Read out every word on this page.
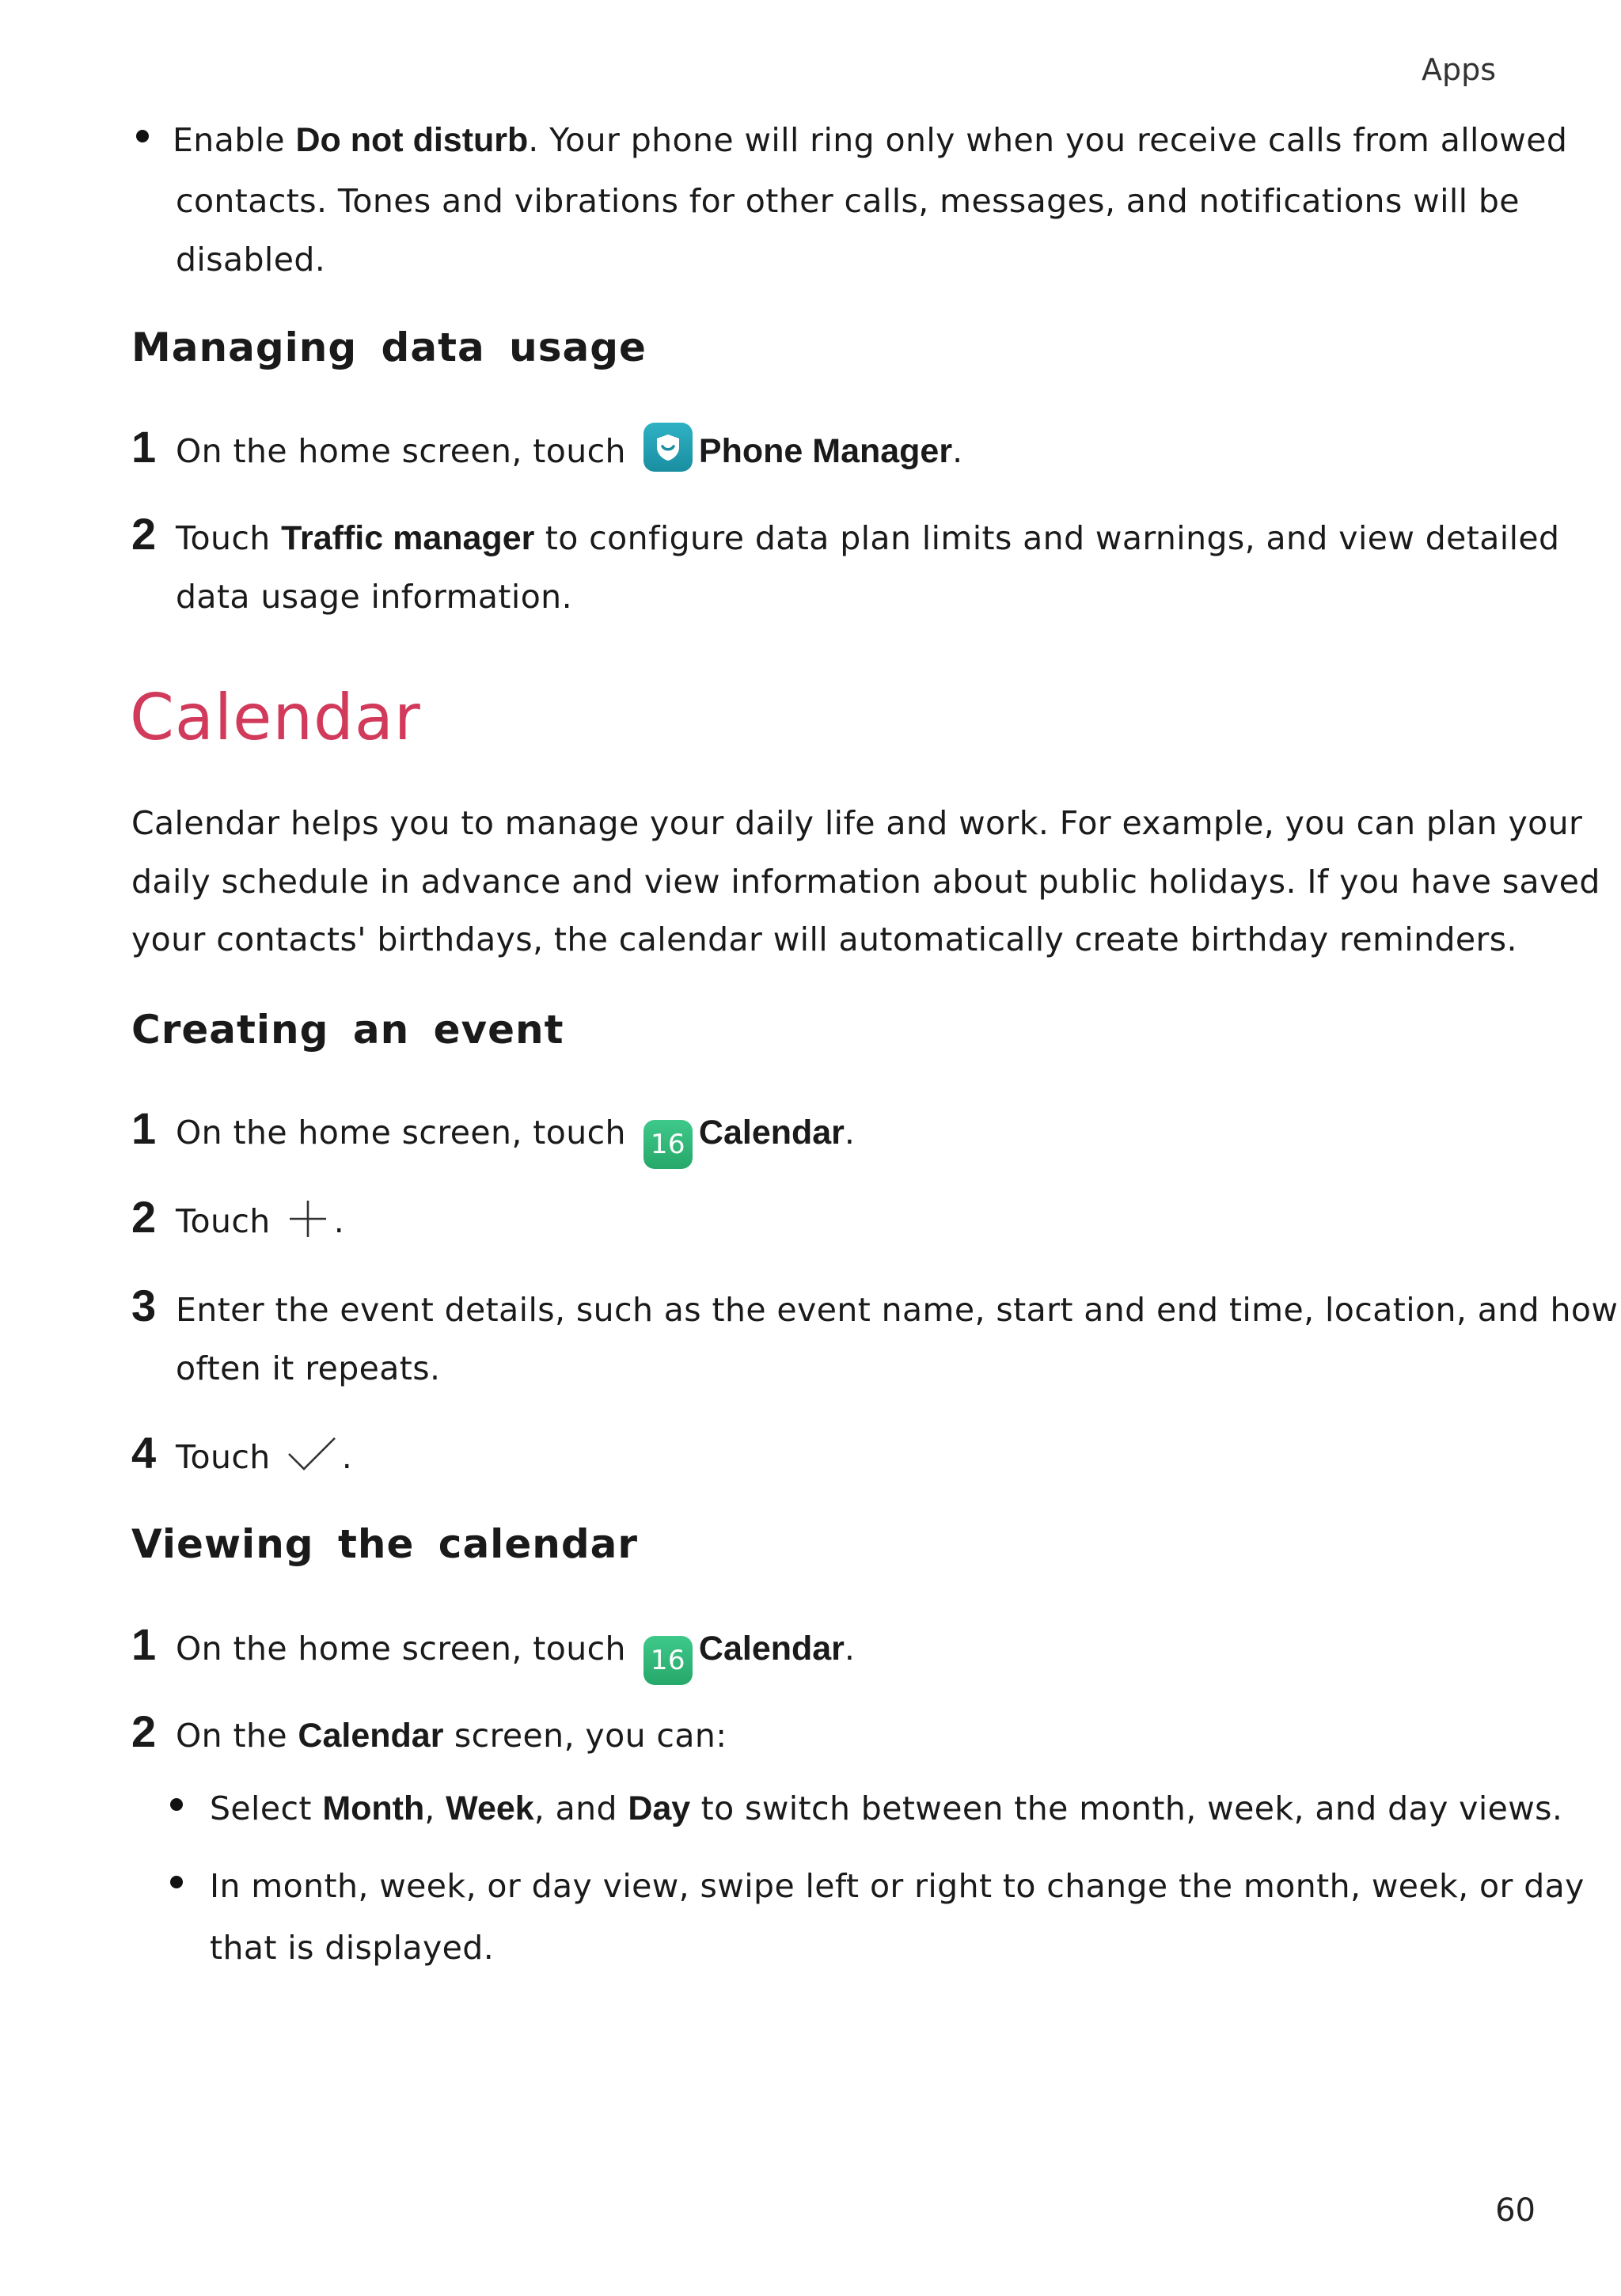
Apps
60
Enable Do not disturb. Your phone will ring only when you receive calls from allowed
contacts. Tones and vibrations for other calls, messages, and notifications will be
disabled.
Managing data usage
1 On the home screen, touch Phone Manager.
2 Touch Traffic manager to configure data plan limits and warnings, and view detailed
data usage information.
Calendar
Calendar helps you to manage your daily life and work. For example, you can plan your
daily schedule in advance and view information about public holidays. If you have saved
your contacts' birthdays, the calendar will automatically create birthday reminders.
Creating an event
1 On the home screen, touch 16 Calendar.
2 Touch .
3 Enter the event details, such as the event name, start and end time, location, and how
often it repeats.
4 Touch .
Viewing the calendar
1 On the home screen, touch 16 Calendar.
2 On the Calendar screen, you can:
Select Month, Week, and Day to switch between the month, week, and day views.
In month, week, or day view, swipe left or right to change the month, week, or day
that is displayed.
